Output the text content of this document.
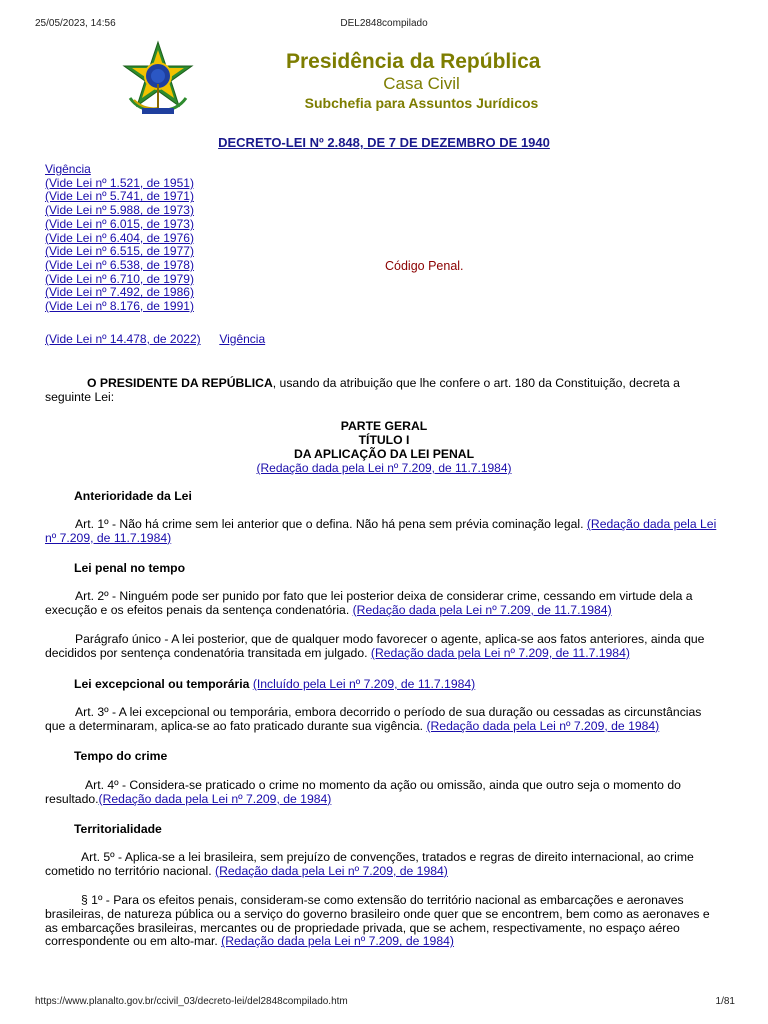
25/05/2023, 14:56	DEL2848compilado
Presidência da República
Casa Civil
Subchefia para Assuntos Jurídicos
DECRETO-LEI Nº 2.848, DE 7 DE DEZEMBRO DE 1940
Vigência
(Vide Lei nº 1.521, de 1951)
(Vide Lei nº 5.741, de 1971)
(Vide Lei nº 5.988, de 1973)
(Vide Lei nº 6.015, de 1973)
(Vide Lei nº 6.404, de 1976)
(Vide Lei nº 6.515, de 1977)
(Vide Lei nº 6.538, de 1978)
(Vide Lei nº 6.710, de 1979)
(Vide Lei nº 7.492, de 1986)
(Vide Lei nº 8.176, de 1991)
Código Penal.
(Vide Lei nº 14.478, de 2022) Vigência
O PRESIDENTE DA REPÚBLICA, usando da atribuição que lhe confere o art. 180 da Constituição, decreta a seguinte Lei:
PARTE GERAL
TÍTULO I
DA APLICAÇÃO DA LEI PENAL
(Redação dada pela Lei nº 7.209, de 11.7.1984)
Anterioridade da Lei
Art. 1º - Não há crime sem lei anterior que o defina. Não há pena sem prévia cominação legal. (Redação dada pela Lei nº 7.209, de 11.7.1984)
Lei penal no tempo
Art. 2º - Ninguém pode ser punido por fato que lei posterior deixa de considerar crime, cessando em virtude dela a execução e os efeitos penais da sentença condenatória. (Redação dada pela Lei nº 7.209, de 11.7.1984)
Parágrafo único - A lei posterior, que de qualquer modo favorecer o agente, aplica-se aos fatos anteriores, ainda que decididos por sentença condenatória transitada em julgado. (Redação dada pela Lei nº 7.209, de 11.7.1984)
Lei excepcional ou temporária (Incluído pela Lei nº 7.209, de 11.7.1984)
Art. 3º - A lei excepcional ou temporária, embora decorrido o período de sua duração ou cessadas as circunstâncias que a determinaram, aplica-se ao fato praticado durante sua vigência. (Redação dada pela Lei nº 7.209, de 1984)
Tempo do crime
Art. 4º - Considera-se praticado o crime no momento da ação ou omissão, ainda que outro seja o momento do resultado.(Redação dada pela Lei nº 7.209, de 1984)
Territorialidade
Art. 5º - Aplica-se a lei brasileira, sem prejuízo de convenções, tratados e regras de direito internacional, ao crime cometido no território nacional. (Redação dada pela Lei nº 7.209, de 1984)
§ 1º - Para os efeitos penais, consideram-se como extensão do território nacional as embarcações e aeronaves brasileiras, de natureza pública ou a serviço do governo brasileiro onde quer que se encontrem, bem como as aeronaves e as embarcações brasileiras, mercantes ou de propriedade privada, que se achem, respectivamente, no espaço aéreo correspondente ou em alto-mar. (Redação dada pela Lei nº 7.209, de 1984)
https://www.planalto.gov.br/ccivil_03/decreto-lei/del2848compilado.htm	1/81
